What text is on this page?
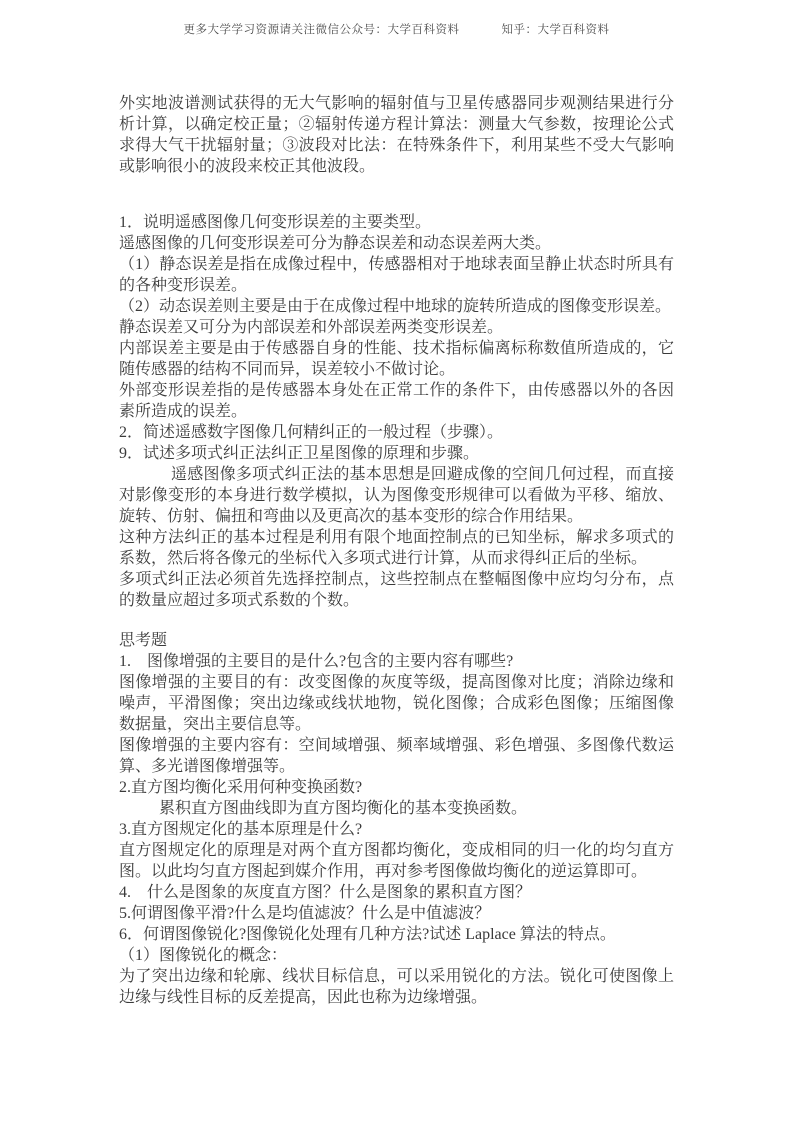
更多大学学习资源请关注微信公众号：大学百科资料	知乎：大学百科资料

外实地波谱测试获得的无大气影响的辐射值与卫星传感器同步观测结果进行分析计算，以确定校正量；②辐射传递方程计算法：测量大气参数，按理论公式求得大气干扰辐射量；③波段对比法：在特殊条件下，利用某些不受大气影响或影响很小的波段来校正其他波段。

1．说明遥感图像几何变形误差的主要类型。

遥感图像的几何变形误差可分为静态误差和动态误差两大类。

（1）静态误差是指在成像过程中，传感器相对于地球表面呈静止状态时所具有的各种变形误差。

（2）动态误差则主要是由于在成像过程中地球的旋转所造成的图像变形误差。

静态误差又可分为内部误差和外部误差两类变形误差。

内部误差主要是由于传感器自身的性能、技术指标偏离标称数值所造成的，它随传感器的结构不同而异，误差较小不做讨论。

外部变形误差指的是传感器本身处在正常工作的条件下，由传感器以外的各因素所造成的误差。

2．简述遥感数字图像几何精纠正的一般过程（步骤）。

9．试述多项式纠正法纠正卫星图像的原理和步骤。

遥感图像多项式纠正法的基本思想是回避成像的空间几何过程，而直接对影像变形的本身进行数学模拟，认为图像变形规律可以看做为平移、缩放、旋转、仿射、偏扭和弯曲以及更高次的基本变形的综合作用结果。

这种方法纠正的基本过程是利用有限个地面控制点的已知坐标，解求多项式的系数，然后将各像元的坐标代入多项式进行计算，从而求得纠正后的坐标。

多项式纠正法必须首先选择控制点，这些控制点在整幅图像中应均匀分布，点的数量应超过多项式系数的个数。

思考题

1.　图像增强的主要目的是什么?包含的主要内容有哪些?

图像增强的主要目的有：改变图像的灰度等级，提高图像对比度；消除边缘和噪声，平滑图像；突出边缘或线状地物，锐化图像；合成彩色图像；压缩图像数据量，突出主要信息等。

图像增强的主要内容有：空间域增强、频率域增强、彩色增强、多图像代数运算、多光谱图像增强等。

2.直方图均衡化采用何种变换函数?

累积直方图曲线即为直方图均衡化的基本变换函数。

3.直方图规定化的基本原理是什么?

直方图规定化的原理是对两个直方图都均衡化，变成相同的归一化的均匀直方图。以此均匀直方图起到媒介作用，再对参考图像做均衡化的逆运算即可。

4.　什么是图象的灰度直方图？什么是图象的累积直方图？

5.何谓图像平滑?什么是均值滤波？什么是中值滤波？

6．何谓图像锐化?图像锐化处理有几种方法?试述 Laplace 算法的特点。

（1）图像锐化的概念：

为了突出边缘和轮廓、线状目标信息，可以采用锐化的方法。锐化可使图像上边缘与线性目标的反差提高，因此也称为边缘增强。
